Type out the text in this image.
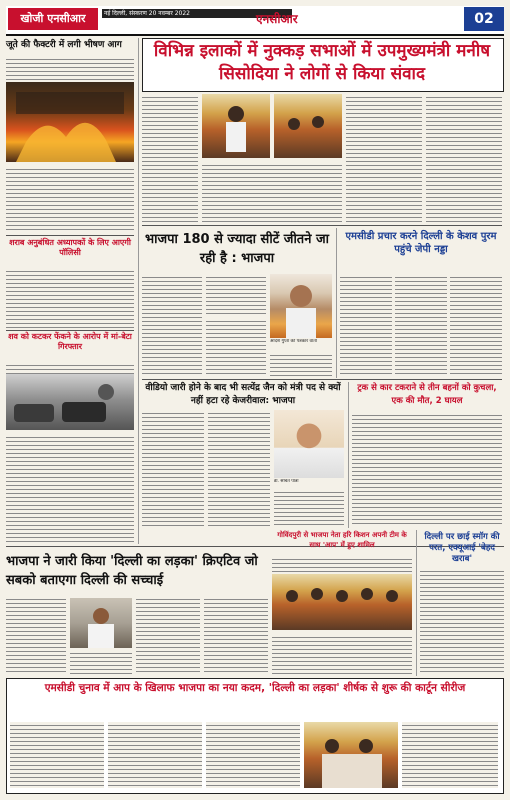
खोजी एनसीआर	नई दिल्ली, संस्करण 20 नवम्बर 2022	एनसीआर	02
जूते की फैक्टरी में लगी भीषण आग
शराब अनुबंधित अध्यापकों के लिए आएगी पॉलिसी
शव को कटकर फेंकने के आरोप में मां-बेटा गिरफ्तार
विभिन्न इलाकों में नुक्कड़ सभाओं में उपमुख्यमंत्री मनीष सिसोदिया ने लोगों से किया संवाद
भाजपा 180 से ज्यादा सीटें जीतने जा रही है : भाजपा
आदेश गुप्ता की पत्रकार वार्ता
एमसीडी प्रचार करने दिल्ली के केशव पुरम पहुंचे जेपी नड्डा
वीडियो जारी होने के बाद भी सत्येंद्र जैन को मंत्री पद से क्यों नहीं हटा रहे केजरीवाल: भाजपा
डॉ. संबित पात्रा
ट्रक से कार टकराने से तीन बहनों को कुचला, एक की मौत, 2 घायल
गोविंदपुरी से भाजपा नेता हरि किशन अपनी टीम के साथ 'आप' में हुए शामिल
दिल्ली पर छाई स्मॉग की परत, एक्यूआई 'बेहद खराब'
भाजपा ने जारी किया 'दिल्ली का लड़का' क्रिएटिव जो सबको बताएगा दिल्ली की सच्चाई
एमसीडी चुनाव में आप के खिलाफ भाजपा का नया कदम, 'दिल्ली का लड़का' शीर्षक से शुरू की कार्टून सीरीज
